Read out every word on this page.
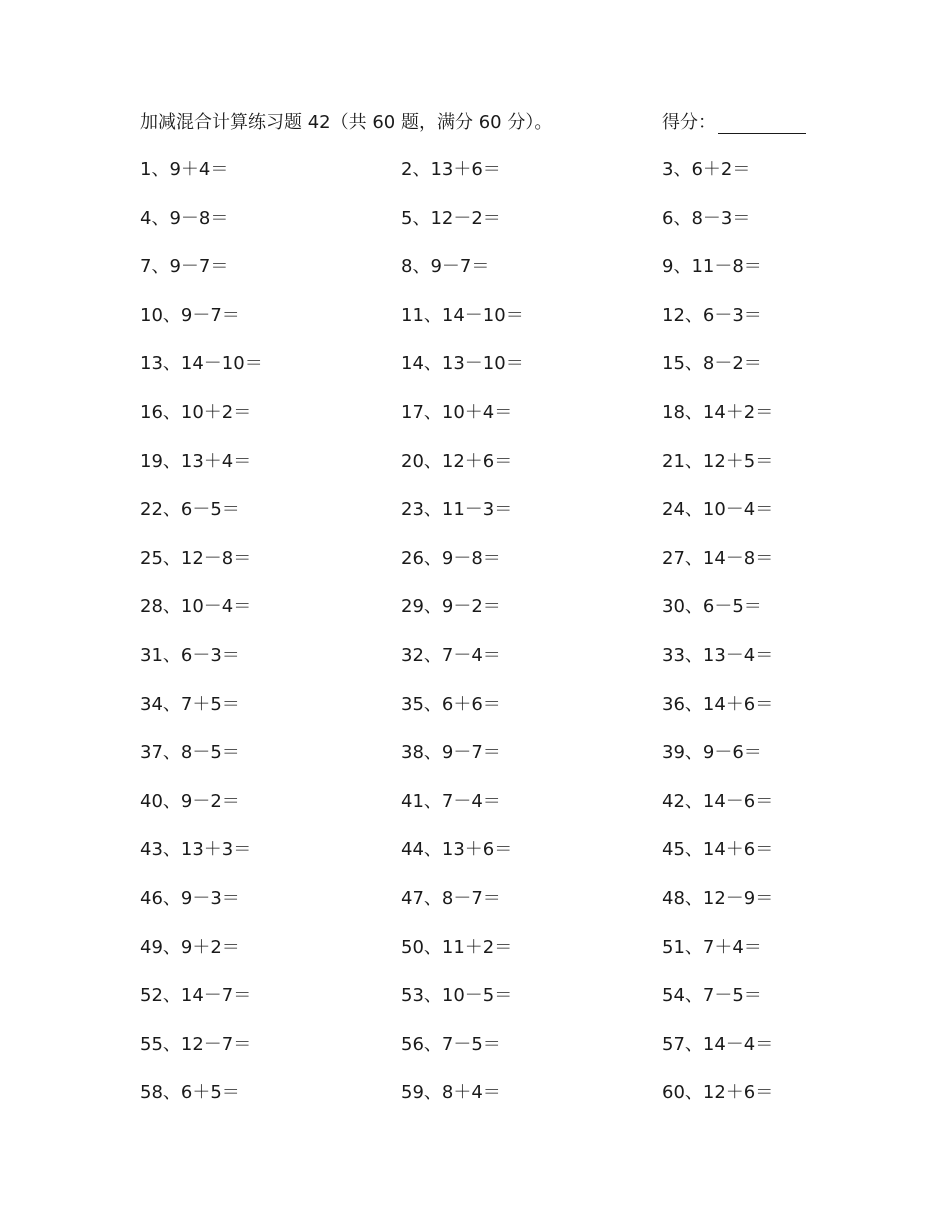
加减混合计算练习题 42（共 60 题，满分 60 分）。	得分：
1、9＋4＝	2、13＋6＝	3、6＋2＝
4、9－8＝	5、12－2＝	6、8－3＝
7、9－7＝	8、9－7＝	9、11－8＝
10、9－7＝	11、14－10＝	12、6－3＝
13、14－10＝	14、13－10＝	15、8－2＝
16、10＋2＝	17、10＋4＝	18、14＋2＝
19、13＋4＝	20、12＋6＝	21、12＋5＝
22、6－5＝	23、11－3＝	24、10－4＝
25、12－8＝	26、9－8＝	27、14－8＝
28、10－4＝	29、9－2＝	30、6－5＝
31、6－3＝	32、7－4＝	33、13－4＝
34、7＋5＝	35、6＋6＝	36、14＋6＝
37、8－5＝	38、9－7＝	39、9－6＝
40、9－2＝	41、7－4＝	42、14－6＝
43、13＋3＝	44、13＋6＝	45、14＋6＝
46、9－3＝	47、8－7＝	48、12－9＝
49、9＋2＝	50、11＋2＝	51、7＋4＝
52、14－7＝	53、10－5＝	54、7－5＝
55、12－7＝	56、7－5＝	57、14－4＝
58、6＋5＝	59、8＋4＝	60、12＋6＝
